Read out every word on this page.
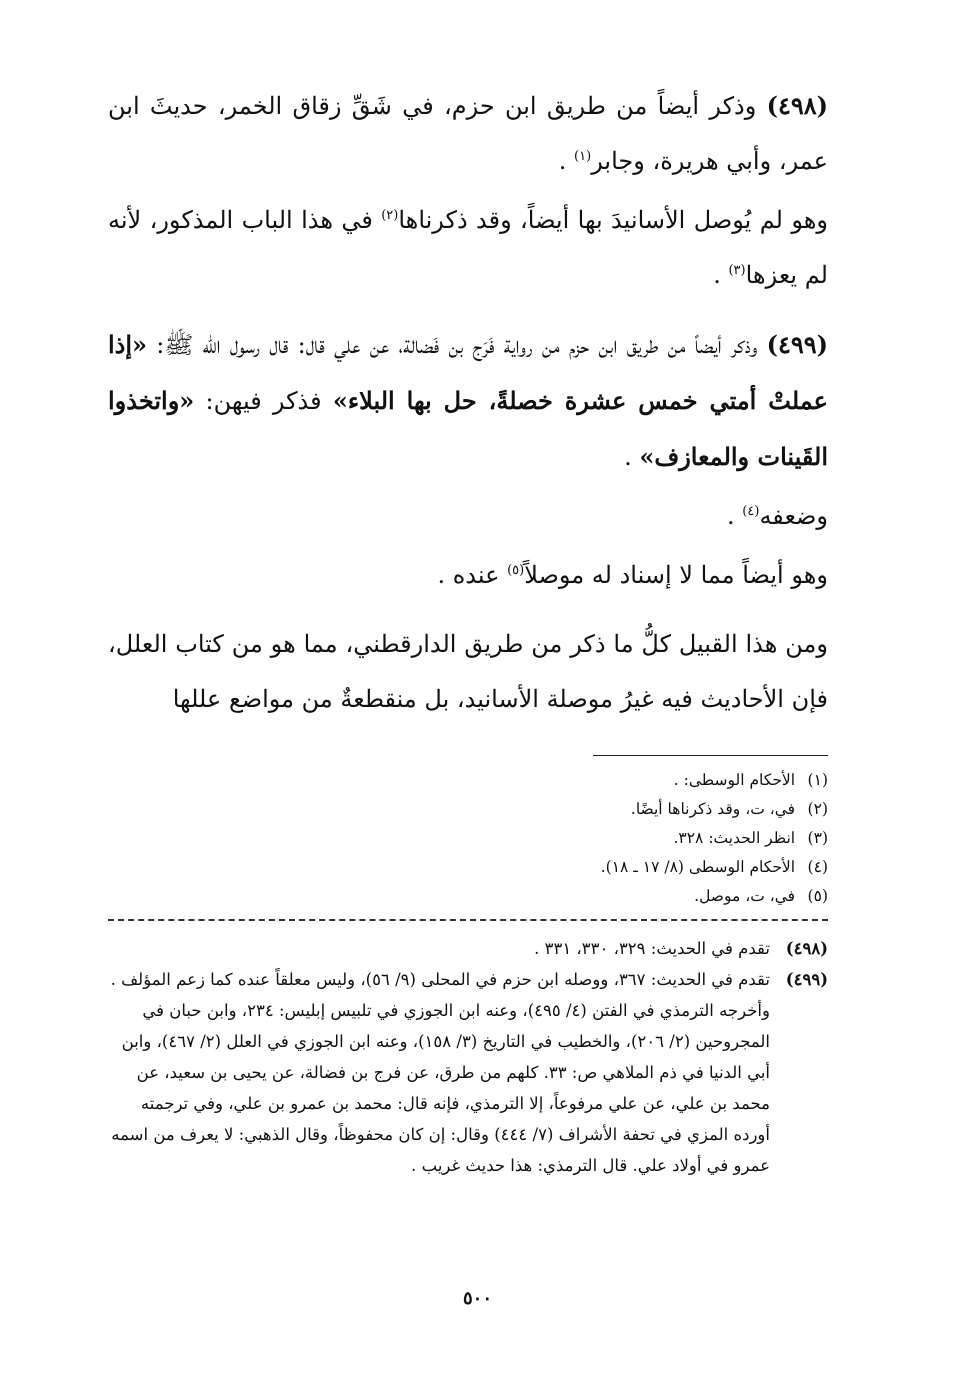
(٤٩٨) وذكر أيضاً من طريق ابن حزم، في شَقِّ زقاق الخمر، حديثَ ابن عمر، وأبي هريرة، وجابر$^{(١)}$ .

وهو لم يُوصل الأسانيدَ بها أيضاً، وقد ذكرناها$^{(٢)}$ في هذا الباب المذكور، لأنه لم يعزها$^{(٣)}$ .

(٤٩٩) وذكر أيضاً من طريق ابن حزم من رواية فَرَج بن فَضالة، عن علي قال: قال رسول الله ﷺ: «إذا عملتْ أمتي خمس عشرة خصلةً، حل بها البلاء» فذكر فيهن: «واتخذوا القَينات والمعازف» .

وضعفه$^{(٤)}$ .

وهو أيضاً مما لا إسناد له موصلاً$^{(٥)}$ عنده .

ومن هذا القبيل كلُّ ما ذكر من طريق الدارقطني، مما هو من كتاب العلل، فإن الأحاديث فيه غيرُ موصلة الأسانيد، بل منقطعةٌ من مواضع عللها

(١) الأحكام الوسطى: .

(٢) في، ت، وقد ذكرناها أيضًا.

(٣) انظر الحديث: ٣٢٨.

(٤) الأحكام الوسطى (٨/ ١٧ ـ ١٨).

(٥) في، ت، موصل.

(٤٩٨)تقدم في الحديث: ٣٢٩، ٣٣٠، ٣٣١ .

(٤٩٩)تقدم في الحديث: ٣٦٧، ووصله ابن حزم في المحلى (٩/ ٥٦)، وليس معلقاً عنده كما زعم المؤلف .

وأخرجه الترمذي في الفتن (٤/ ٤٩٥)، وعنه ابن الجوزي في تلبيس إبليس: ٢٣٤، وابن حبان في المجروحين (٢/ ٢٠٦)، والخطيب في التاريخ (٣/ ١٥٨)، وعنه ابن الجوزي في العلل (٢/ ٤٦٧)، وابن أبي الدنيا في ذم الملاهي ص: ٣٣. كلهم من طرق، عن فرج بن فضالة، عن يحيى بن سعيد، عن محمد بن علي، عن علي مرفوعاً، إلا الترمذي، فإنه قال: محمد بن عمرو بن علي، وفي ترجمته أورده المزي في تحفة الأشراف (٧/ ٤٤٤) وقال: إن كان محفوظاً، وقال الذهبي: لا يعرف من اسمه عمرو في أولاد علي. قال الترمذي: هذا حديث غريب .

٥٠٠
